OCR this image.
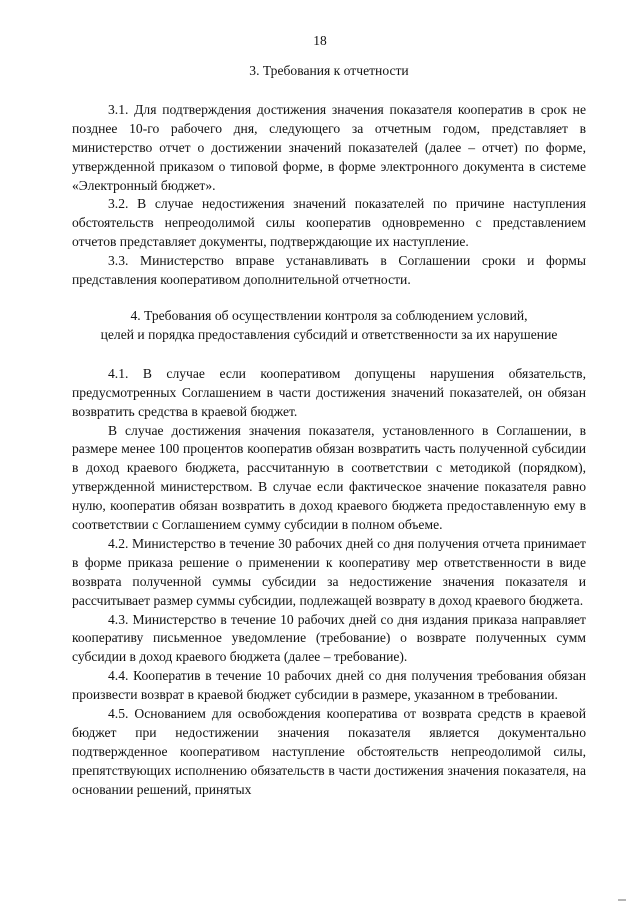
18

3. Требования к отчетности

3.1. Для подтверждения достижения значения показателя кооператив в срок не позднее 10-го рабочего дня, следующего за отчетным годом, представляет в министерство отчет о достижении значений показателей (далее – отчет) по форме, утвержденной приказом о типовой форме, в форме электронного документа в системе «Электронный бюджет».

3.2. В случае недостижения значений показателей по причине наступления обстоятельств непреодолимой силы кооператив одновременно с представлением отчетов представляет документы, подтверждающие их наступление.

3.3. Министерство вправе устанавливать в Соглашении сроки и формы представления кооперативом дополнительной отчетности.

4. Требования об осуществлении контроля за соблюдением условий,

целей и порядка предоставления субсидий и ответственности за их нарушение

4.1. В случае если кооперативом допущены нарушения обязательств, предусмотренных Соглашением в части достижения значений показателей, он обязан возвратить средства в краевой бюджет.

В случае достижения значения показателя, установленного в Соглашении, в размере менее 100 процентов кооператив обязан возвратить часть полученной субсидии в доход краевого бюджета, рассчитанную в соответствии с методикой (порядком), утвержденной министерством. В случае если фактическое значение показателя равно нулю, кооператив обязан возвратить в доход краевого бюджета предоставленную ему в соответствии с Соглашением сумму субсидии в полном объеме.

4.2. Министерство в течение 30 рабочих дней со дня получения отчета принимает в форме приказа решение о применении к кооперативу мер ответственности в виде возврата полученной суммы субсидии за недостижение значения показателя и рассчитывает размер суммы субсидии, подлежащей возврату в доход краевого бюджета.

4.3. Министерство в течение 10 рабочих дней со дня издания приказа направляет кооперативу письменное уведомление (требование) о возврате полученных сумм субсидии в доход краевого бюджета (далее – требование).

4.4. Кооператив в течение 10 рабочих дней со дня получения требования обязан произвести возврат в краевой бюджет субсидии в размере, указанном в требовании.

4.5. Основанием для освобождения кооператива от возврата средств в краевой бюджет при недостижении значения показателя является документально подтвержденное кооперативом наступление обстоятельств непреодолимой силы, препятствующих исполнению обязательств в части достижения значения показателя, на основании решений, принятых
